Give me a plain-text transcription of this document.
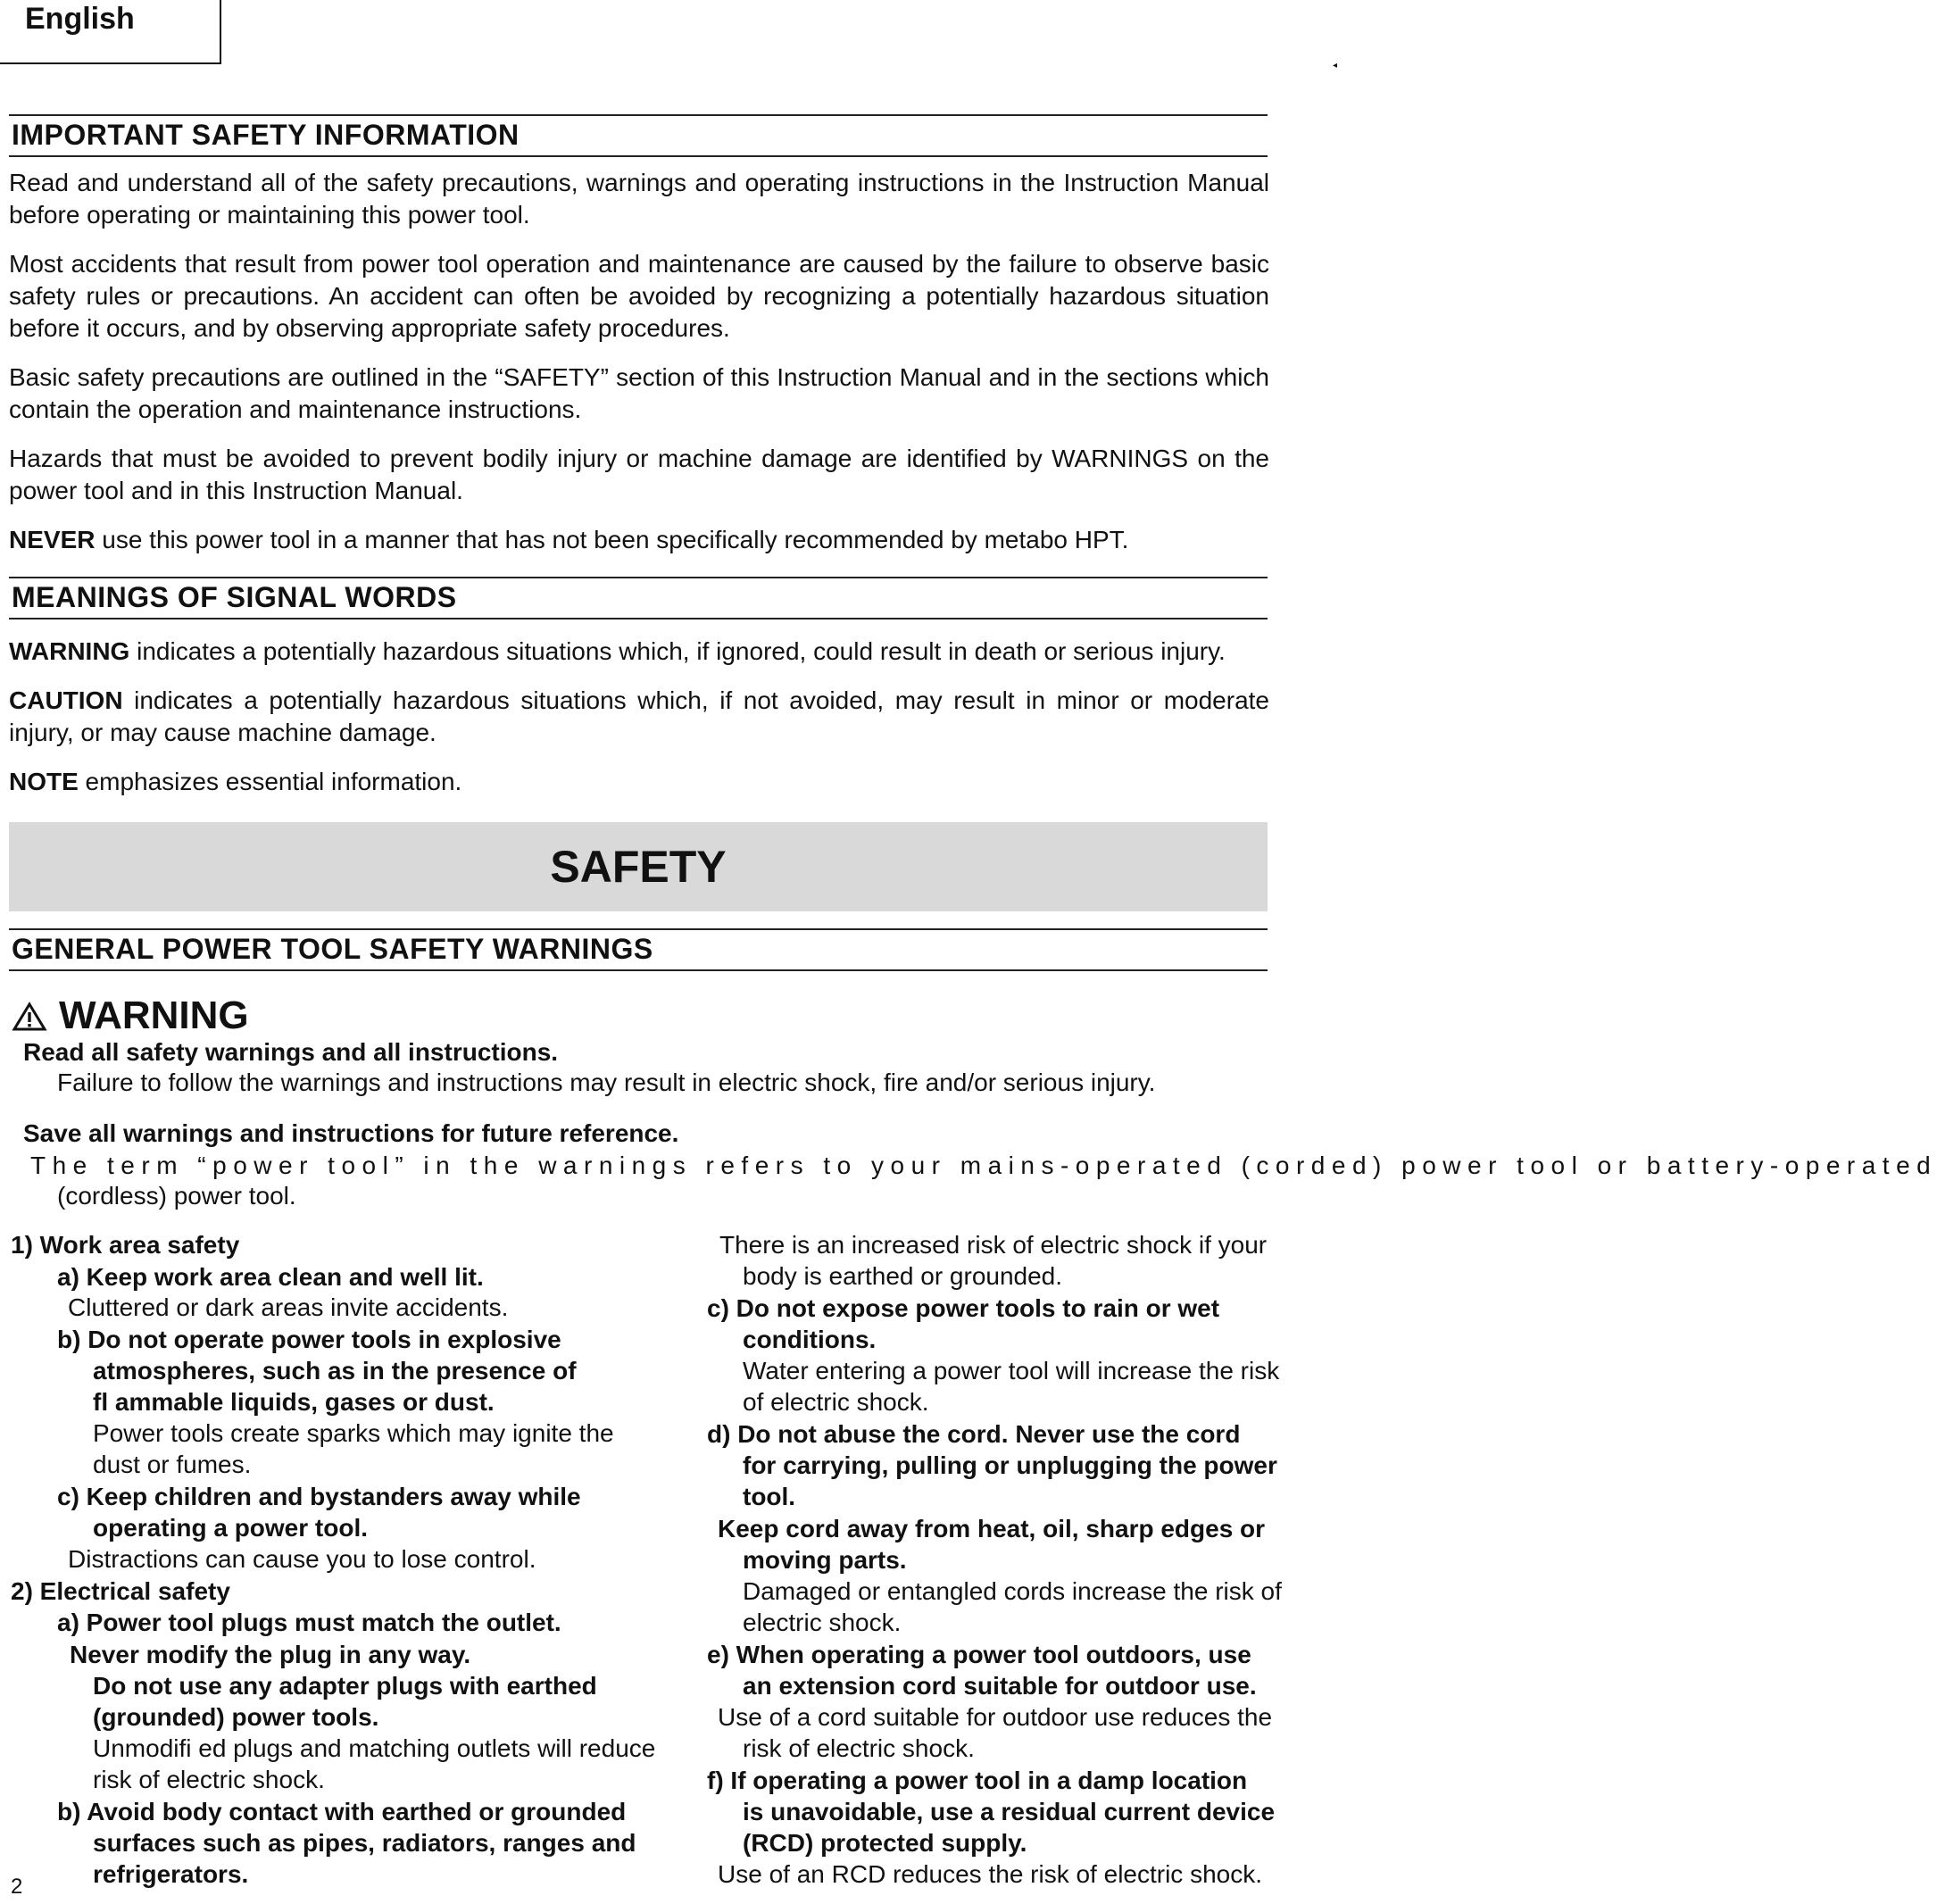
English
◂
IMPORTANT SAFETY INFORMATION
Read and understand all of the safety precautions, warnings and operating instructions in the Instruction Manual before operating or maintaining this power tool.
Most accidents that result from power tool operation and maintenance are caused by the failure to observe basic safety rules or precautions. An accident can often be avoided by recognizing a potentially hazardous situation before it occurs, and by observing appropriate safety procedures.
Basic safety precautions are outlined in the “SAFETY” section of this Instruction Manual and in the sections which contain the operation and maintenance instructions.
Hazards that must be avoided to prevent bodily injury or machine damage are identified by WARNINGS on the power tool and in this Instruction Manual.
NEVER use this power tool in a manner that has not been specifically recommended by metabo HPT.
MEANINGS OF SIGNAL WORDS
WARNING indicates a potentially hazardous situations which, if ignored, could result in death or serious injury.
CAUTION indicates a potentially hazardous situations which, if not avoided, may result in minor or moderate injury, or may cause machine damage.
NOTE emphasizes essential information.
SAFETY
GENERAL POWER TOOL SAFETY WARNINGS
WARNING
Read all safety warnings and all instructions.
Failure to follow the warnings and instructions may result in electric shock, fire and/or serious injury.
Save all warnings and instructions for future reference.
The term “power tool” in the warnings refers to your mains-operated (corded) power tool or battery-operated
(cordless) power tool.
1) Work area safety
a) Keep work area clean and well lit.
Cluttered or dark areas invite accidents.
b) Do not operate power tools in explosive
atmospheres, such as in the presence of
fl ammable liquids, gases or dust.
Power tools create sparks which may ignite the
dust or fumes.
c) Keep children and bystanders away while
operating a power tool.
Distractions can cause you to lose control.
2) Electrical safety
a) Power tool plugs must match the outlet.
Never modify the plug in any way.
Do not use any adapter plugs with earthed
(grounded) power tools.
Unmodifi ed plugs and matching outlets will reduce
risk of electric shock.
b) Avoid body contact with earthed or grounded
surfaces such as pipes, radiators, ranges and
refrigerators.
There is an increased risk of electric shock if your
body is earthed or grounded.
c) Do not expose power tools to rain or wet
conditions.
Water entering a power tool will increase the risk
of electric shock.
d) Do not abuse the cord. Never use the cord
for carrying, pulling or unplugging the power
tool.
Keep cord away from heat, oil, sharp edges or
moving parts.
Damaged or entangled cords increase the risk of
electric shock.
e) When operating a power tool outdoors, use
an extension cord suitable for outdoor use.
Use of a cord suitable for outdoor use reduces the
risk of electric shock.
f) If operating a power tool in a damp location
is unavoidable, use a residual current device
(RCD) protected supply.
Use of an RCD reduces the risk of electric shock.
2
